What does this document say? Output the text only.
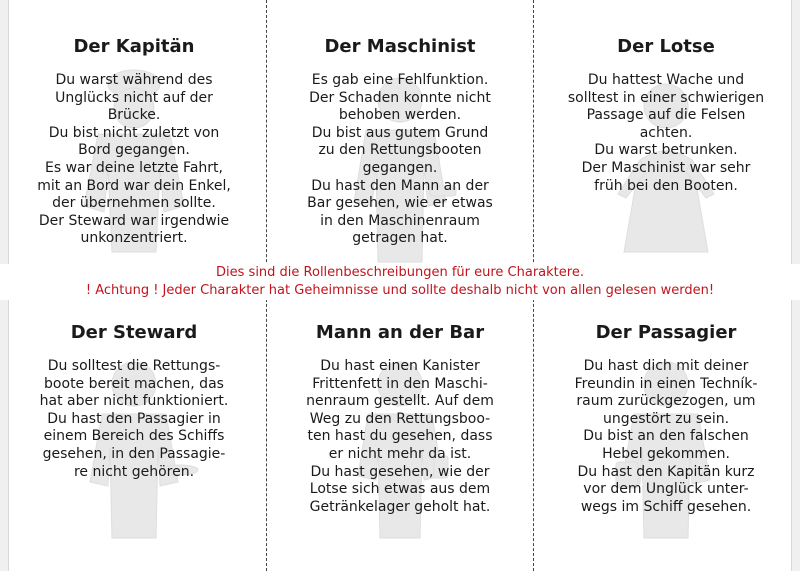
Der Kapitän
Du warst während des
Unglücks nicht auf der
Brücke.
Du bist nicht zuletzt von
Bord gegangen.
Es war deine letzte Fahrt,
mit an Bord war dein Enkel,
der übernehmen sollte.
Der Steward war irgendwie
unkonzentriert.
Der Maschinist
Es gab eine Fehlfunktion.
Der Schaden konnte nicht
behoben werden.
Du bist aus gutem Grund
zu den Rettungsbooten
gegangen.
Du hast den Mann an der
Bar gesehen, wie er etwas
in den Maschinenraum
getragen hat.
Der Lotse
Du hattest Wache und
solltest in einer schwierigen
Passage auf die Felsen
achten.
Du warst betrunken.
Der Maschinist war sehr
früh bei den Booten.
Dies sind die Rollenbeschreibungen für eure Charaktere.
! Achtung ! Jeder Charakter hat Geheimnisse und sollte deshalb nicht von allen gelesen werden!
Der Steward
Du solltest die Rettungs-
boote bereit machen, das
hat aber nicht funktioniert.
Du hast den Passagier in
einem Bereich des Schiffs
gesehen, in den Passagie-
re nicht gehören.
Mann an der Bar
Du hast einen Kanister
Frittenfett in den Maschi-
nenraum gestellt. Auf dem
Weg zu den Rettungsboo-
ten hast du gesehen, dass
er nicht mehr da ist.
Du hast gesehen, wie der
Lotse sich etwas aus dem
Getränkelager geholt hat.
Der Passagier
Du hast dich mit deiner
Freundin in einen Techník-
raum zurückgezogen, um
ungestört zu sein.
Du bist an den falschen
Hebel gekommen.
Du hast den Kapitän kurz
vor dem Unglück unter-
wegs im Schiff gesehen.
